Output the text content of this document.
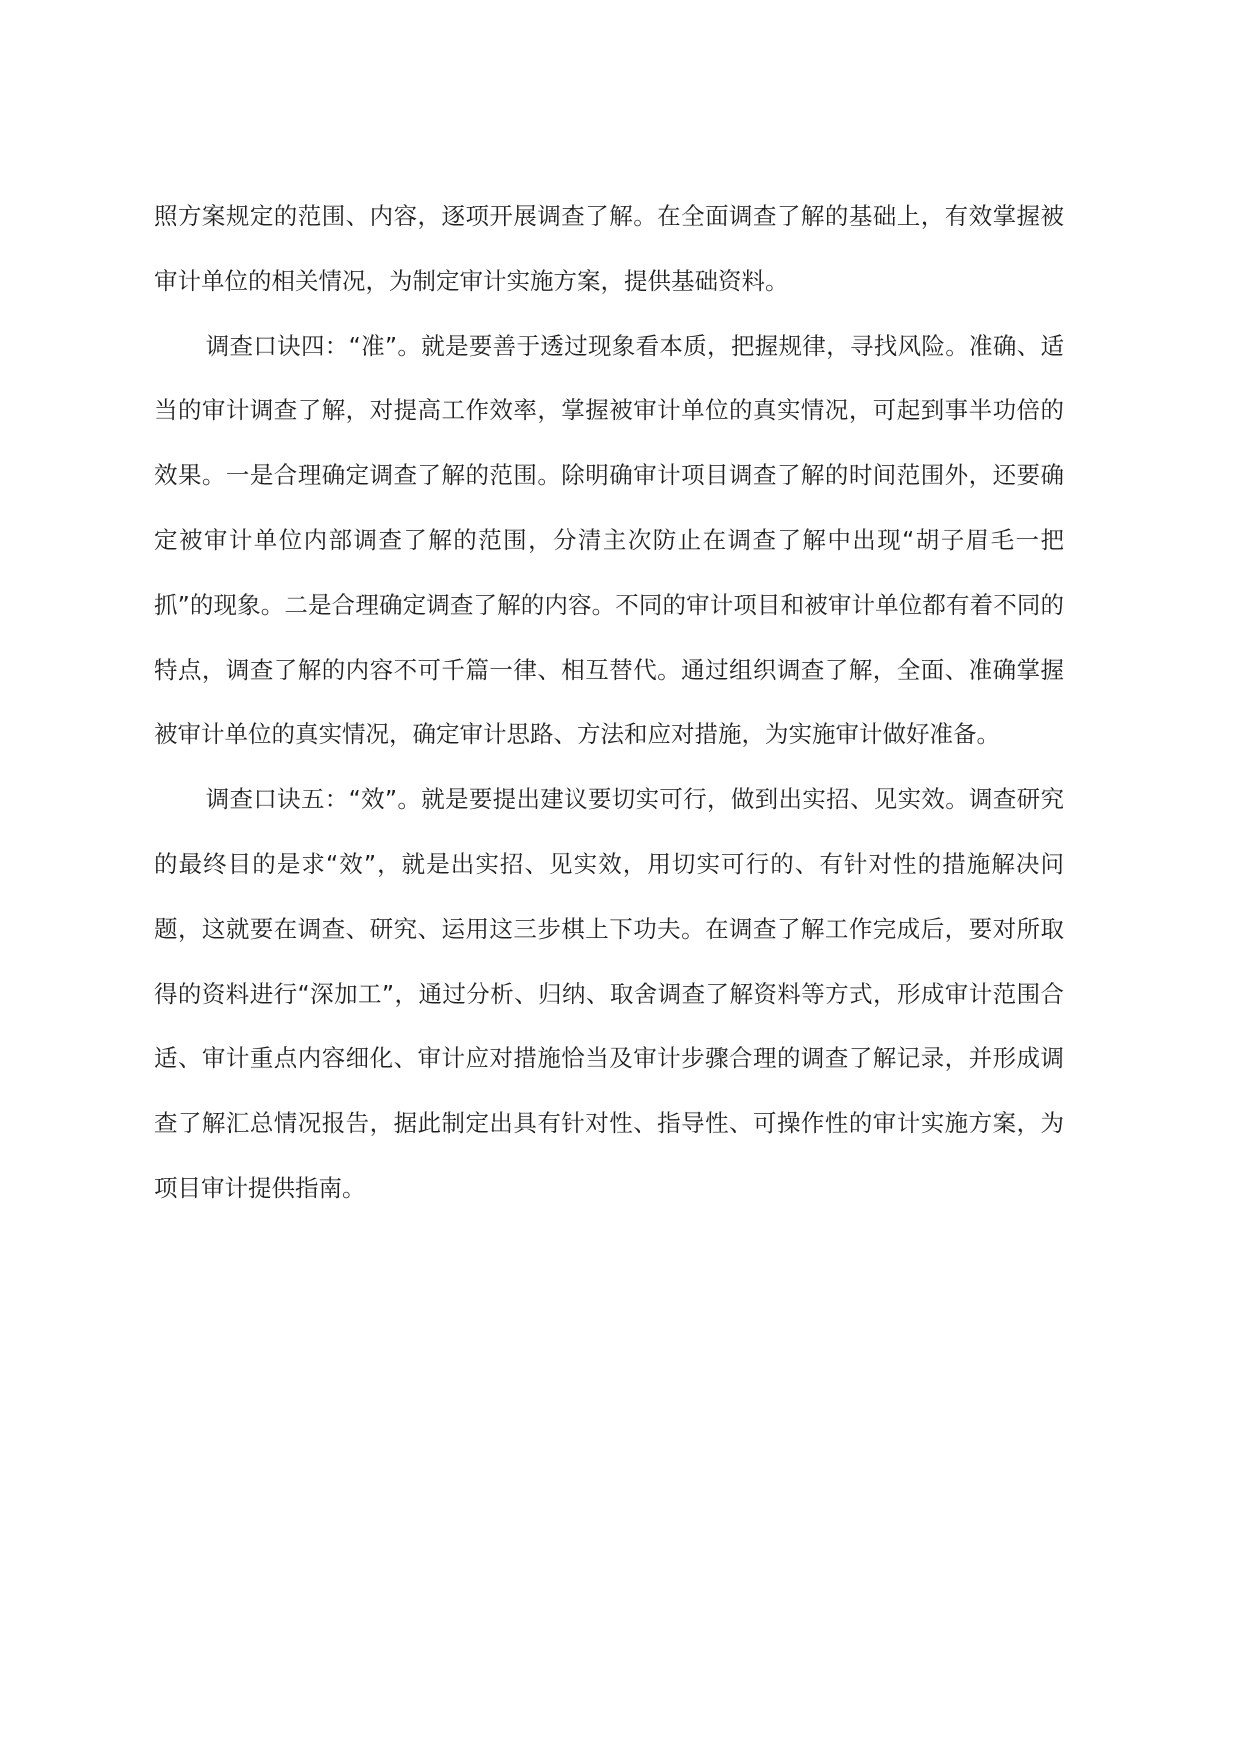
照方案规定的范围、内容，逐项开展调查了解。在全面调查了解的基础上，有效掌握被审计单位的相关情况，为制定审计实施方案，提供基础资料。

调查口诀四：“准”。就是要善于透过现象看本质，把握规律，寻找风险。准确、适当的审计调查了解，对提高工作效率，掌握被审计单位的真实情况，可起到事半功倍的效果。一是合理确定调查了解的范围。除明确审计项目调查了解的时间范围外，还要确定被审计单位内部调查了解的范围，分清主次防止在调查了解中出现“胡子眉毛一把抓”的现象。二是合理确定调查了解的内容。不同的审计项目和被审计单位都有着不同的特点，调查了解的内容不可千篇一律、相互替代。通过组织调查了解，全面、准确掌握被审计单位的真实情况，确定审计思路、方法和应对措施，为实施审计做好准备。

调查口诀五：“效”。就是要提出建议要切实可行，做到出实招、见实效。调查研究的最终目的是求“效”，就是出实招、见实效，用切实可行的、有针对性的措施解决问题，这就要在调查、研究、运用这三步棋上下功夫。在调查了解工作完成后，要对所取得的资料进行“深加工”，通过分析、归纳、取舍调查了解资料等方式，形成审计范围合适、审计重点内容细化、审计应对措施恰当及审计步骤合理的调查了解记录，并形成调查了解汇总情况报告，据此制定出具有针对性、指导性、可操作性的审计实施方案，为项目审计提供指南。
